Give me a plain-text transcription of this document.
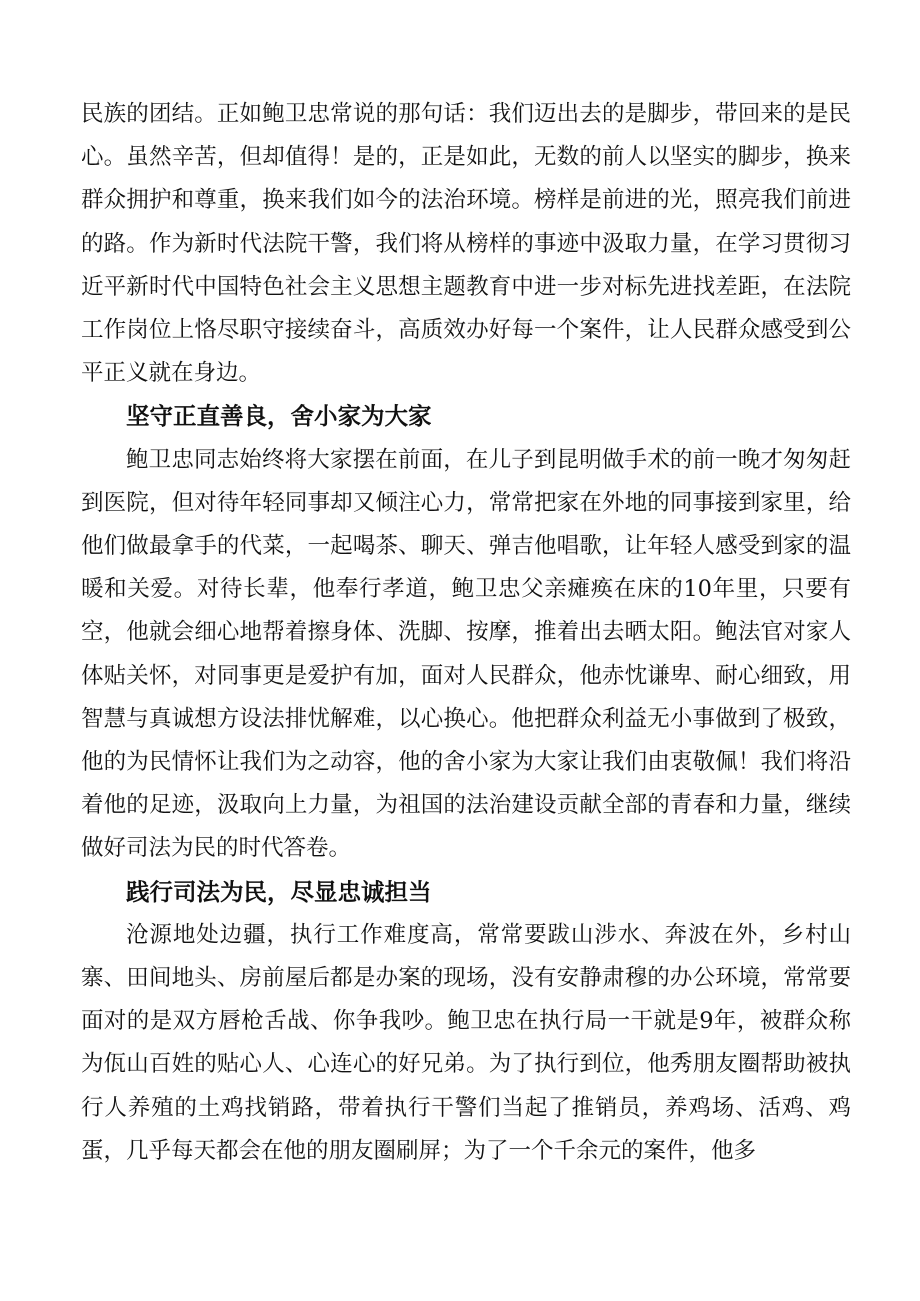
民族的团结。正如鲍卫忠常说的那句话：我们迈出去的是脚步，带回来的是民心。虽然辛苦，但却值得！是的，正是如此，无数的前人以坚实的脚步，换来群众拥护和尊重，换来我们如今的法治环境。榜样是前进的光，照亮我们前进的路。作为新时代法院干警，我们将从榜样的事迹中汲取力量，在学习贯彻习近平新时代中国特色社会主义思想主题教育中进一步对标先进找差距，在法院工作岗位上恪尽职守接续奋斗，高质效办好每一个案件，让人民群众感受到公平正义就在身边。

坚守正直善良，舍小家为大家

鲍卫忠同志始终将大家摆在前面，在儿子到昆明做手术的前一晚才匆匆赶到医院，但对待年轻同事却又倾注心力，常常把家在外地的同事接到家里，给他们做最拿手的代菜，一起喝茶、聊天、弹吉他唱歌，让年轻人感受到家的温暖和关爱。对待长辈，他奉行孝道，鲍卫忠父亲瘫痪在床的10年里，只要有空，他就会细心地帮着擦身体、洗脚、按摩，推着出去晒太阳。鲍法官对家人体贴关怀，对同事更是爱护有加，面对人民群众，他赤忱谦卑、耐心细致，用智慧与真诚想方设法排忧解难，以心换心。他把群众利益无小事做到了极致，他的为民情怀让我们为之动容，他的舍小家为大家让我们由衷敬佩！我们将沿着他的足迹，汲取向上力量，为祖国的法治建设贡献全部的青春和力量，继续做好司法为民的时代答卷。

践行司法为民，尽显忠诚担当

沧源地处边疆，执行工作难度高，常常要跋山涉水、奔波在外，乡村山寨、田间地头、房前屋后都是办案的现场，没有安静肃穆的办公环境，常常要面对的是双方唇枪舌战、你争我吵。鲍卫忠在执行局一干就是9年，被群众称为佤山百姓的贴心人、心连心的好兄弟。为了执行到位，他秀朋友圈帮助被执行人养殖的土鸡找销路，带着执行干警们当起了推销员，养鸡场、活鸡、鸡蛋，几乎每天都会在他的朋友圈刷屏；为了一个千余元的案件，他多
